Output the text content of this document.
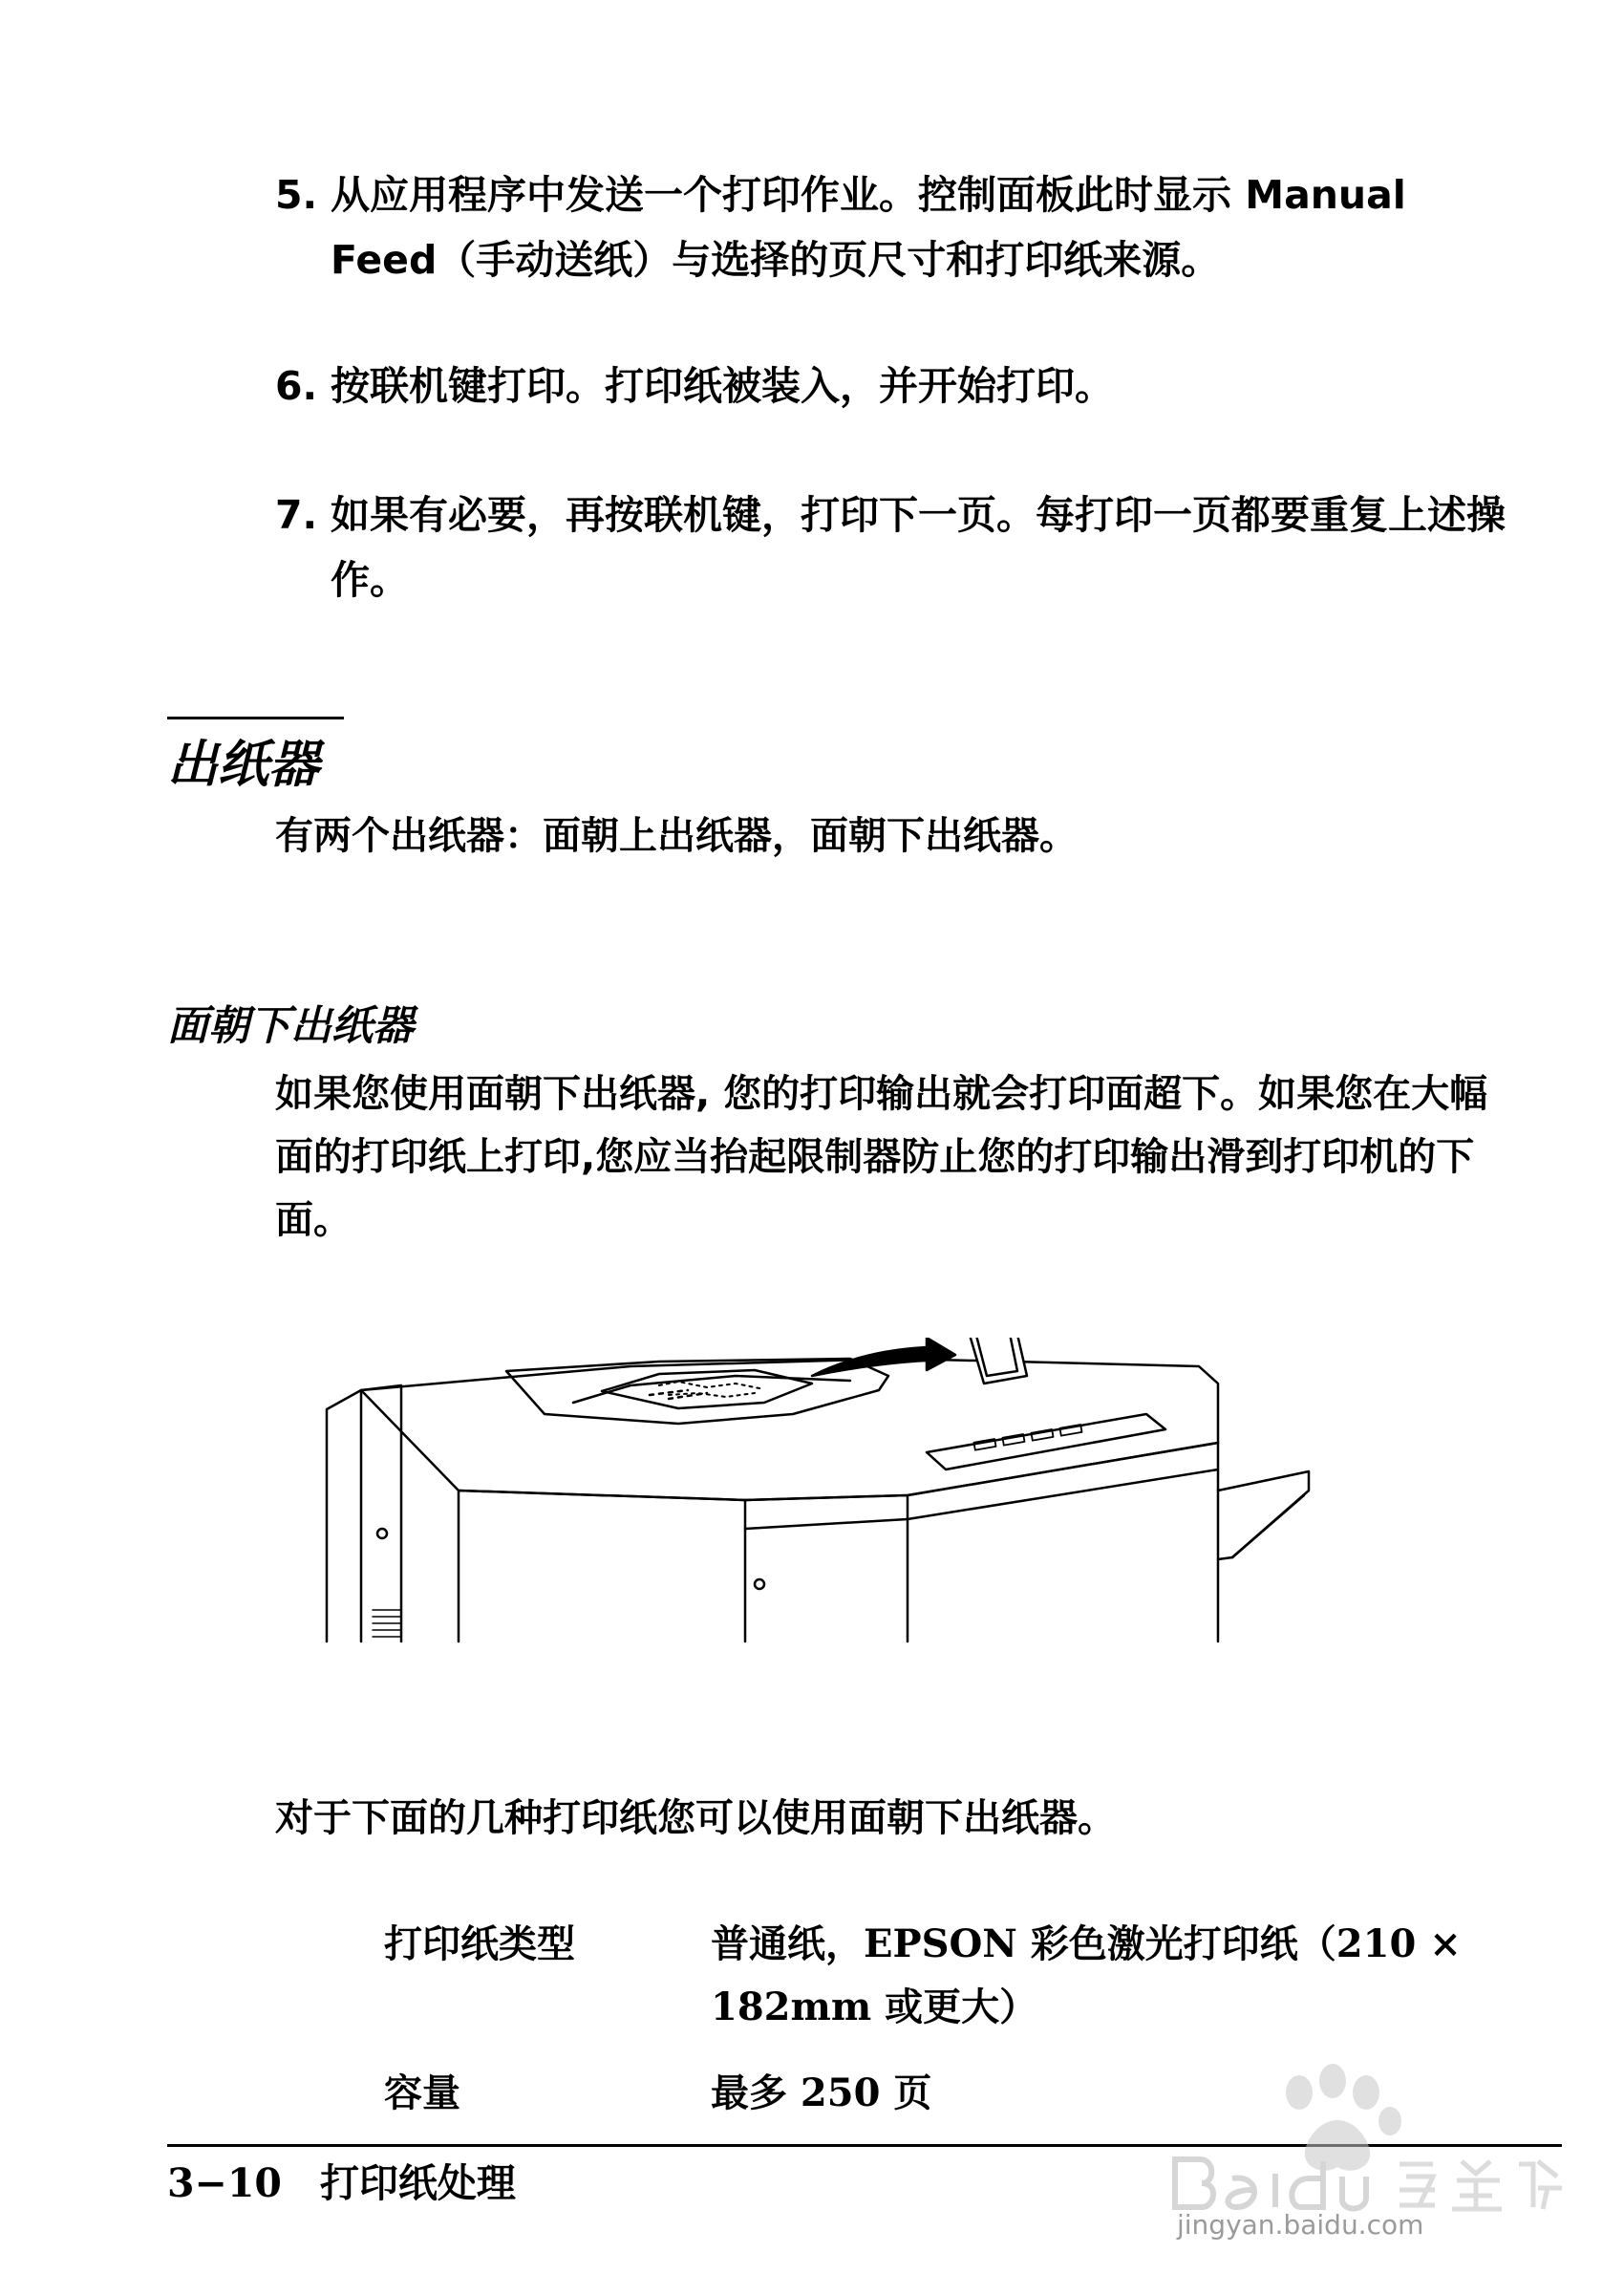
5. 从应用程序中发送一个打印作业。控制面板此时显示 Manual Feed（手动送纸）与选择的页尺寸和打印纸来源。
6. 按联机键打印。打印纸被装入，并开始打印。
7. 如果有必要，再按联机键，打印下一页。每打印一页都要重复上述操作。
出纸器
有两个出纸器：面朝上出纸器，面朝下出纸器。
面朝下出纸器
如果您使用面朝下出纸器, 您的打印输出就会打印面超下。如果您在大幅面的打印纸上打印,您应当抬起限制器防止您的打印输出滑到打印机的下面。
对于下面的几种打印纸您可以使用面朝下出纸器。
打印纸类型	普通纸，EPSON 彩色激光打印纸（210 × 182mm 或更大）
容量	最多 250 页
3−10 打印纸处理
jingyan.baidu.com
